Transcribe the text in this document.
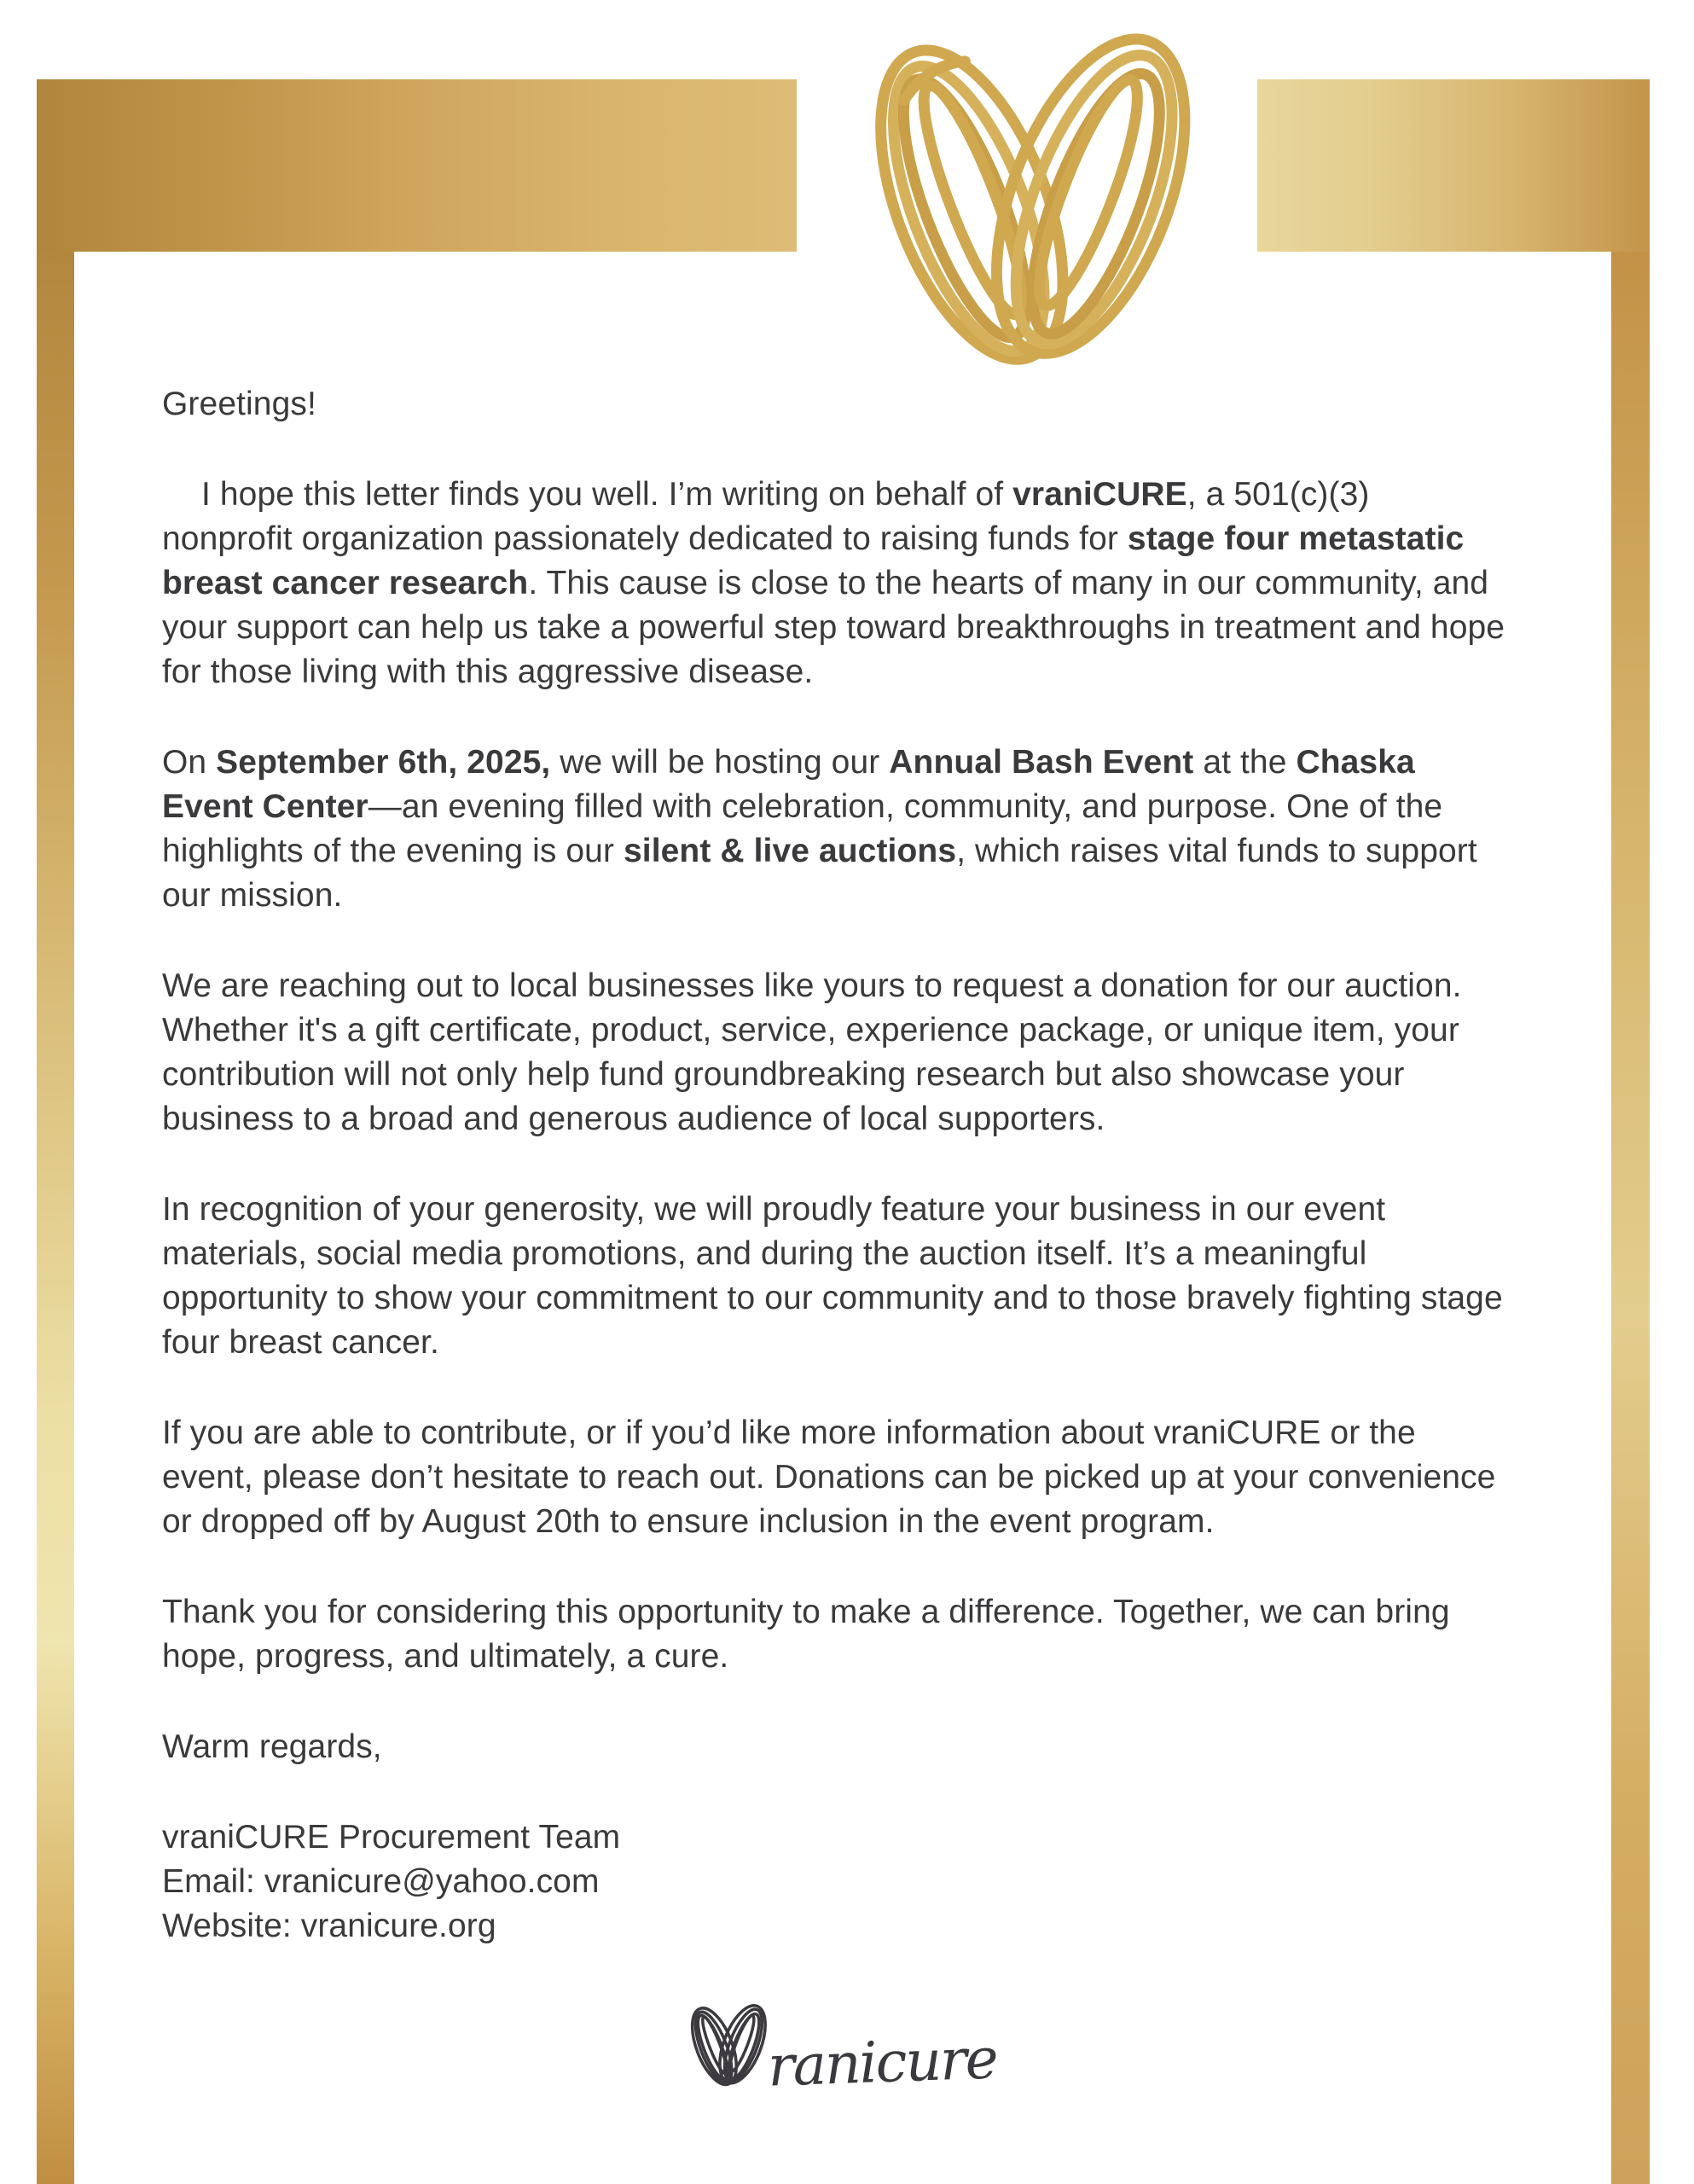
Greetings!

I hope this letter finds you well. I’m writing on behalf of vraniCURE, a 501(c)(3) nonprofit organization passionately dedicated to raising funds for stage four metastatic breast cancer research. This cause is close to the hearts of many in our community, and your support can help us take a powerful step toward breakthroughs in treatment and hope for those living with this aggressive disease.

On September 6th, 2025, we will be hosting our Annual Bash Event at the Chaska Event Center—an evening filled with celebration, community, and purpose. One of the highlights of the evening is our silent & live auctions, which raises vital funds to support our mission.

We are reaching out to local businesses like yours to request a donation for our auction. Whether it's a gift certificate, product, service, experience package, or unique item, your contribution will not only help fund groundbreaking research but also showcase your business to a broad and generous audience of local supporters.

In recognition of your generosity, we will proudly feature your business in our event materials, social media promotions, and during the auction itself. It’s a meaningful opportunity to show your commitment to our community and to those bravely fighting stage four breast cancer.

If you are able to contribute, or if you’d like more information about vraniCURE or the event, please don’t hesitate to reach out. Donations can be picked up at your convenience or dropped off by August 20th to ensure inclusion in the event program.

Thank you for considering this opportunity to make a difference. Together, we can bring hope, progress, and ultimately, a cure.

Warm regards,

vraniCURE Procurement Team

Email: vranicure@yahoo.com

Website: vranicure.org

ranicure
